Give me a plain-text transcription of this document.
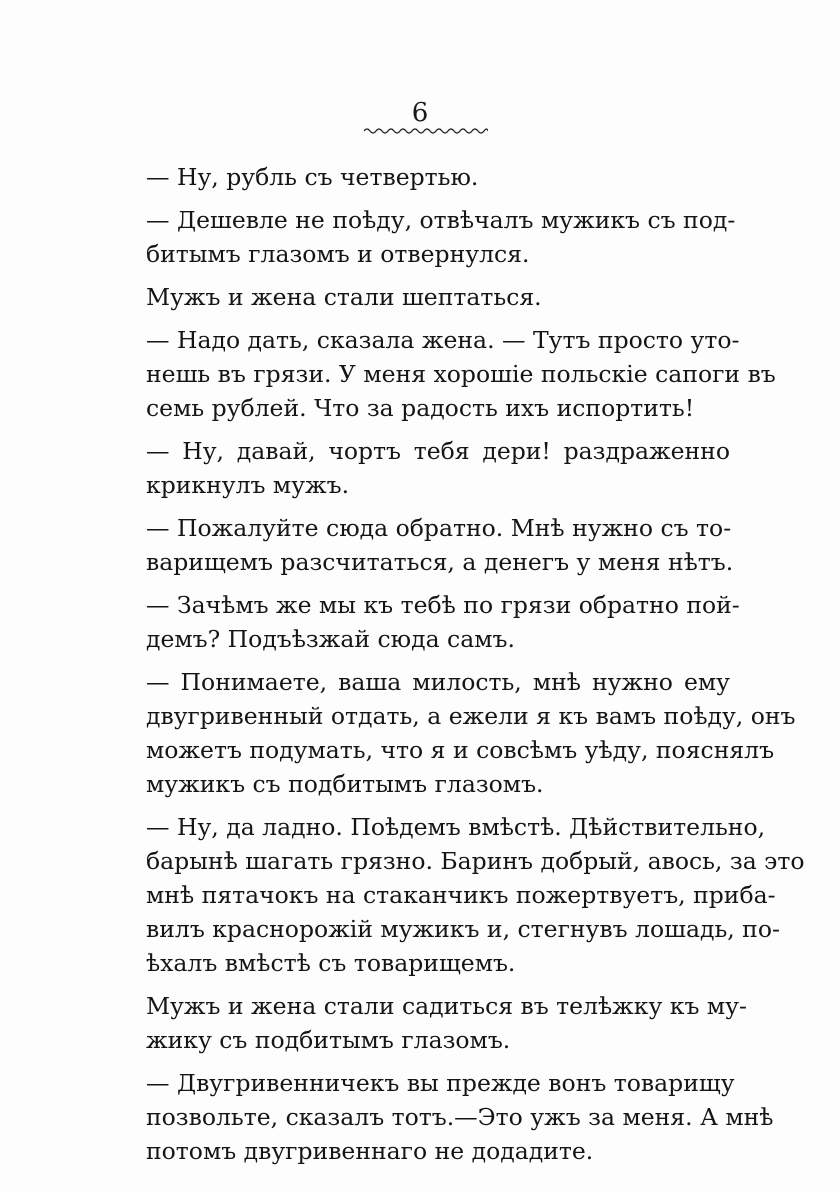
6

— Ну, рубль съ четвертью.

— Дешевле не поѣду, отвѣчалъ мужикъ съ под-
битымъ глазомъ и отвернулся.

Мужъ и жена стали шептаться.

— Надо дать, сказала жена. — Тутъ просто уто-
нешь въ грязи. У меня хорошіе польскіе сапоги въ
семь рублей. Что за радость ихъ испортить!

— Ну, давай, чортъ тебя дери! раздраженно
крикнулъ мужъ.

— Пожалуйте сюда обратно. Мнѣ нужно съ то-
варищемъ разсчитаться, а денегъ у меня нѣтъ.

— Зачѣмъ же мы къ тебѣ по грязи обратно пой-
демъ? Подъѣзжай сюда самъ.

— Понимаете, ваша милость, мнѣ нужно ему
двугривенный отдать, а ежели я къ вамъ поѣду, онъ
можетъ подумать, что я и совсѣмъ уѣду, пояснялъ
мужикъ съ подбитымъ глазомъ.

— Ну, да ладно. Поѣдемъ вмѣстѣ. Дѣйствительно,
барынѣ шагать грязно. Баринъ добрый, авось, за это
мнѣ пятачокъ на стаканчикъ пожертвуетъ, приба-
вилъ краснорожій мужикъ и, стегнувъ лошадь, по-
ѣхалъ вмѣстѣ съ товарищемъ.

Мужъ и жена стали садиться въ телѣжку къ му-
жику съ подбитымъ глазомъ.

— Двугривенничекъ вы прежде вонъ товарищу
позвольте, сказалъ тотъ.—Это ужъ за меня. А мнѣ
потомъ двугривеннаго не додадите.
